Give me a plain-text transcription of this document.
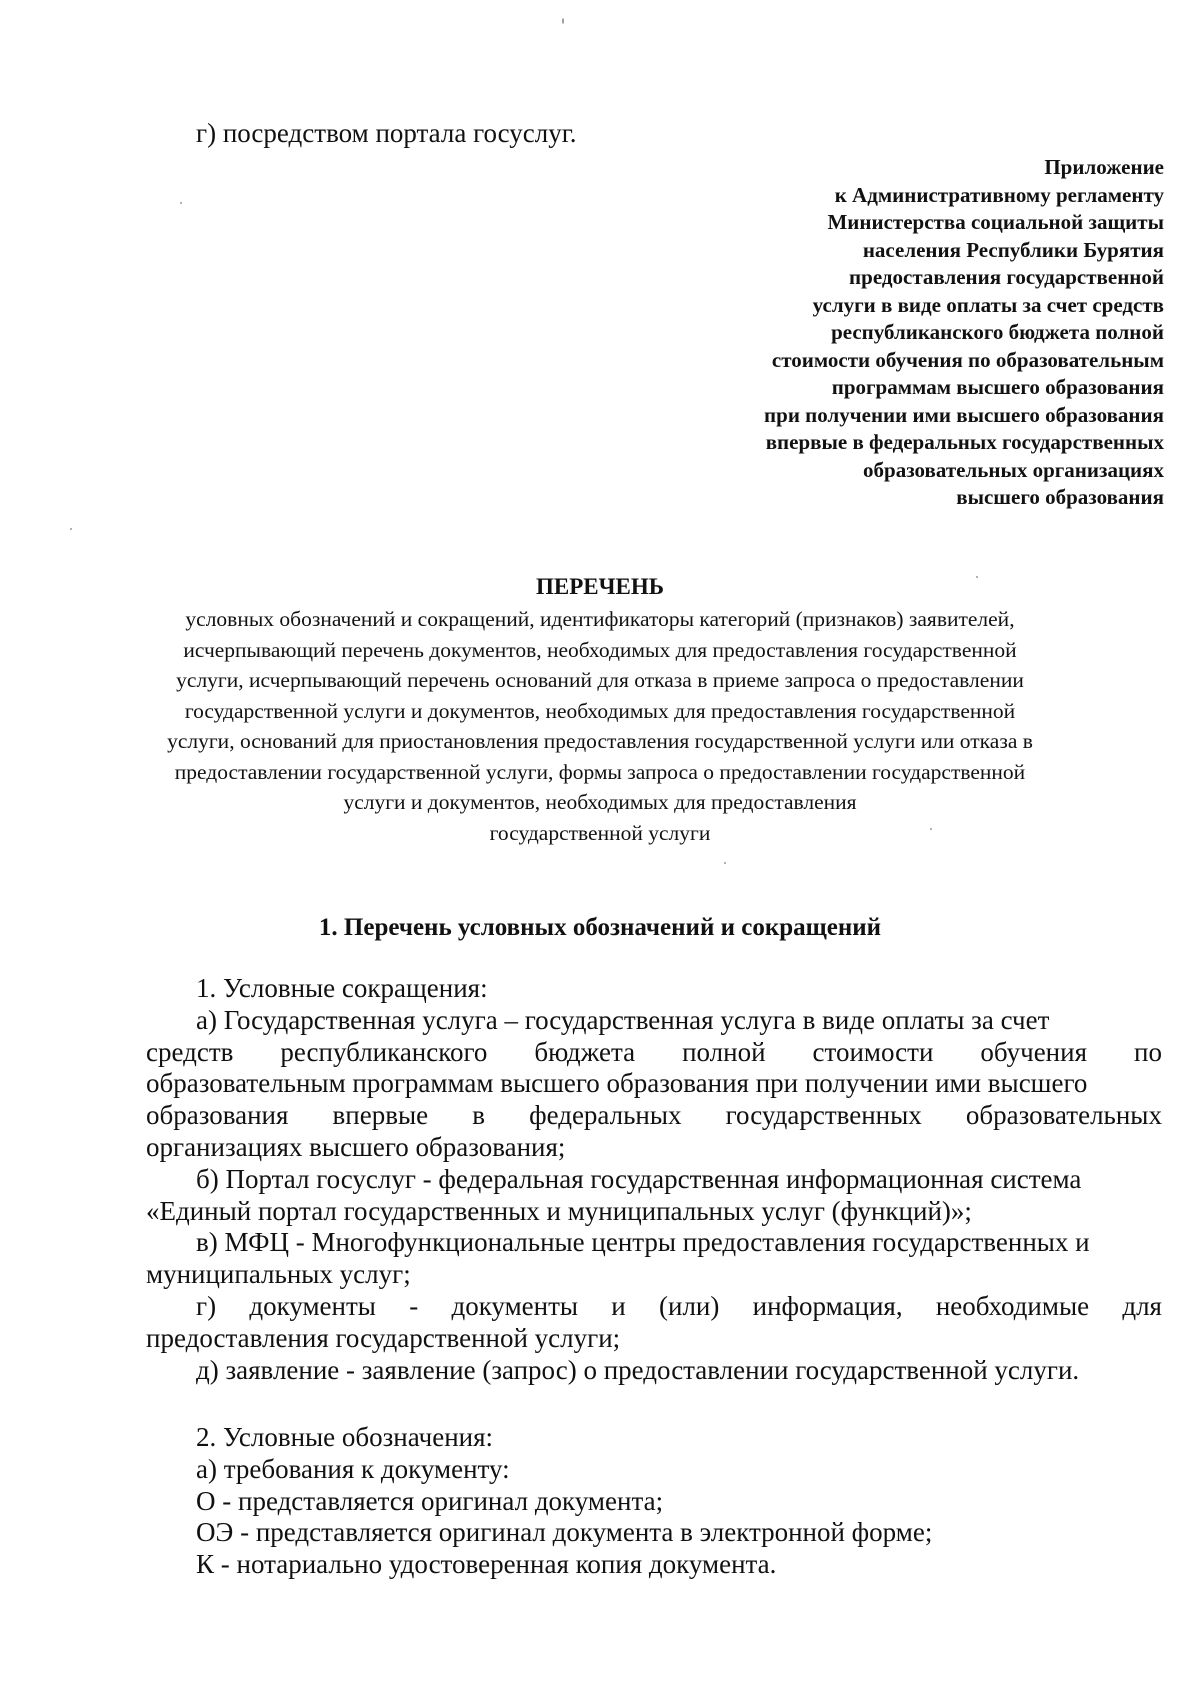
г) посредством портала госуслуг.

Приложение
к Административному регламенту
Министерства социальной защиты
населения Республики Бурятия
предоставления государственной
услуги в виде оплаты за счет средств
республиканского бюджета полной
стоимости обучения по образовательным
программам высшего образования
при получении ими высшего образования
впервые в федеральных государственных
образовательных организациях
высшего образования
ПЕРЕЧЕНЬ
условных обозначений и сокращений, идентификаторы категорий (признаков) заявителей,
исчерпывающий перечень документов, необходимых для предоставления государственной
услуги, исчерпывающий перечень оснований для отказа в приеме запроса о предоставлении
государственной услуги и документов, необходимых для предоставления государственной
услуги, оснований для приостановления предоставления государственной услуги или отказа в
предоставлении государственной услуги, формы запроса о предоставлении государственной
услуги и документов, необходимых для предоставления
государственной услуги
1. Перечень условных обозначений и сокращений
1. Условные сокращения:
а) Государственная услуга – государственная услуга в виде оплаты за счет
средств республиканского бюджета полной стоимости обучения по
образовательным программам высшего образования при получении ими высшего
образования впервые в федеральных государственных образовательных
организациях высшего образования;
б) Портал госуслуг - федеральная государственная информационная система
«Единый портал государственных и муниципальных услуг (функций)»;
в) МФЦ - Многофункциональные центры предоставления государственных и
муниципальных услуг;
г) документы - документы и (или) информация, необходимые для
предоставления государственной услуги;
д) заявление - заявление (запрос) о предоставлении государственной услуги.
2. Условные обозначения:
а) требования к документу:
О - представляется оригинал документа;
ОЭ - представляется оригинал документа в электронной форме;
К - нотариально удостоверенная копия документа.
